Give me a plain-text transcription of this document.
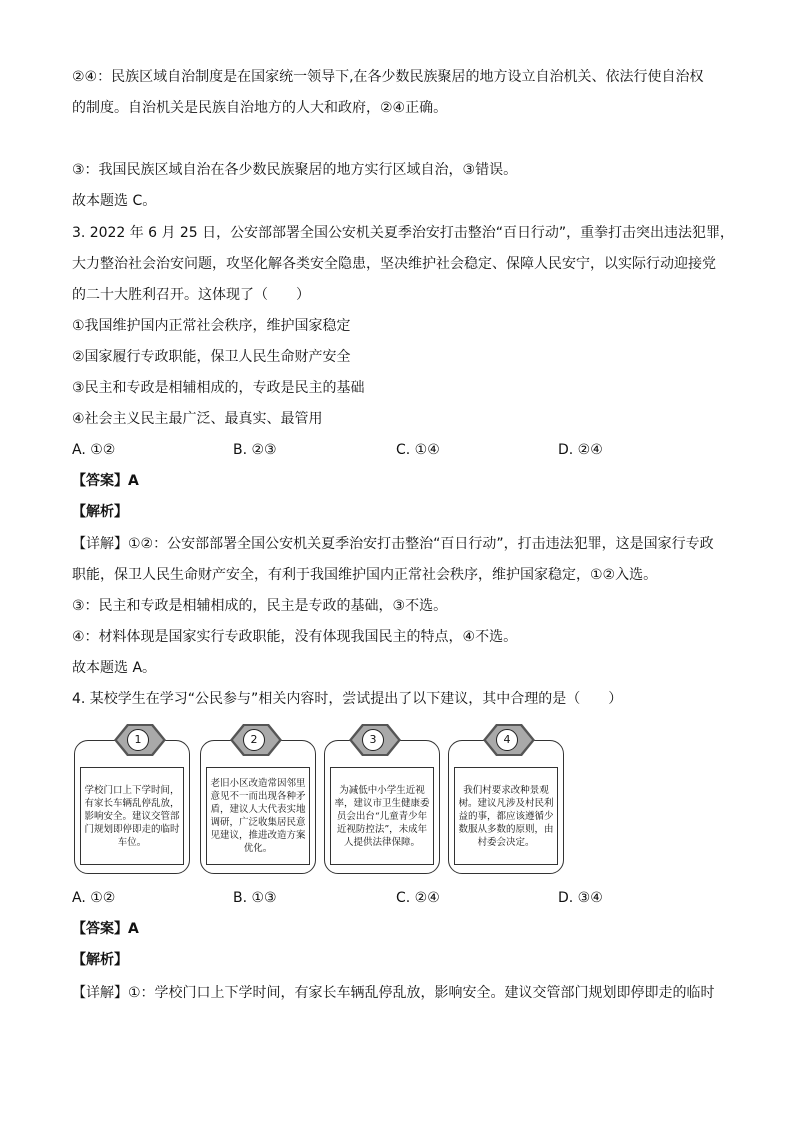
②④：民族区域自治制度是在国家统一领导下,在各少数民族聚居的地方设立自治机关、依法行使自治权
的制度。自治机关是民族自治地方的人大和政府，②④正确。
③：我国民族区域自治在各少数民族聚居的地方实行区域自治，③错误。
故本题选 C。
3. 2022 年 6 月 25 日，公安部部署全国公安机关夏季治安打击整治“百日行动”，重拳打击突出违法犯罪，
大力整治社会治安问题，攻坚化解各类安全隐患，坚决维护社会稳定、保障人民安宁，以实际行动迎接党
的二十大胜利召开。这体现了（　　）
①我国维护国内正常社会秩序，维护国家稳定
②国家履行专政职能，保卫人民生命财产安全
③民主和专政是相辅相成的，专政是民主的基础
④社会主义民主最广泛、最真实、最管用
A. ①②	B. ②③	C. ①④	D. ②④
【答案】A
【解析】
【详解】①②：公安部部署全国公安机关夏季治安打击整治“百日行动”，打击违法犯罪，这是国家行专政
职能，保卫人民生命财产安全，有利于我国维护国内正常社会秩序，维护国家稳定，①②入选。
③：民主和专政是相辅相成的，民主是专政的基础，③不选。
④：材料体现是国家实行专政职能，没有体现我国民主的特点，④不选。
故本题选 A。
4. 某校学生在学习“公民参与”相关内容时，尝试提出了以下建议，其中合理的是（　　）
学校门口上下学时间，有家长车辆乱停乱放，影响安全。建议交管部门规划即停即走的临时车位。
1
老旧小区改造常因邻里意见不一而出现各种矛盾，建议人大代表实地调研，广泛收集居民意见建议，推进改造方案优化。
2
为减低中小学生近视率，建议市卫生健康委员会出台“儿童青少年近视防控法”，未成年人提供法律保障。
3
我们村要求改种景观树。建议凡涉及村民利益的事，都应该遵循少数服从多数的原则，由村委会决定。
4
A. ①②	B. ①③	C. ②④	D. ③④
【答案】A
【解析】
【详解】①：学校门口上下学时间，有家长车辆乱停乱放，影响安全。建议交管部门规划即停即走的临时
